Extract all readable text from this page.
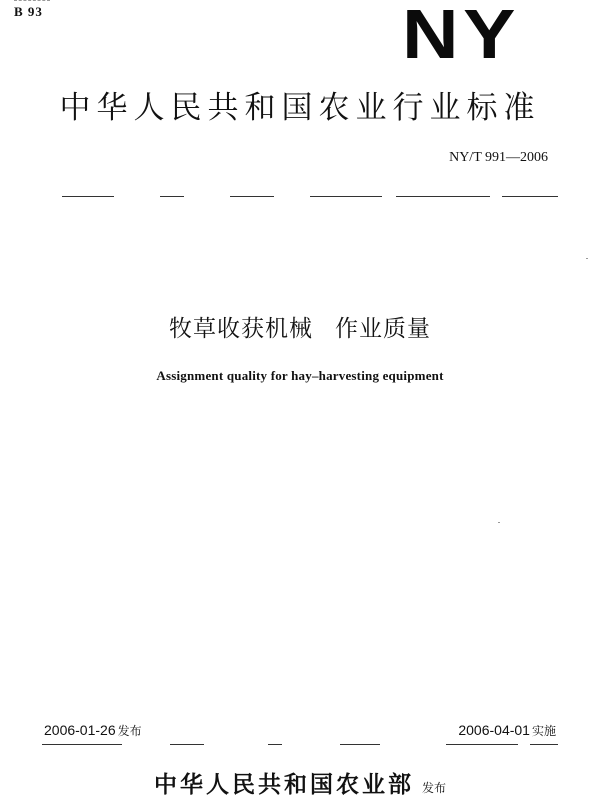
B 93	NY
中华人民共和国农业行业标准
NY/T 991—2006
牧草收获机械 作业质量
Assignment quality for hay–harvesting equipment
2006-01-26 发布	2006-04-01 实施
中华人民共和国农业部 发布
